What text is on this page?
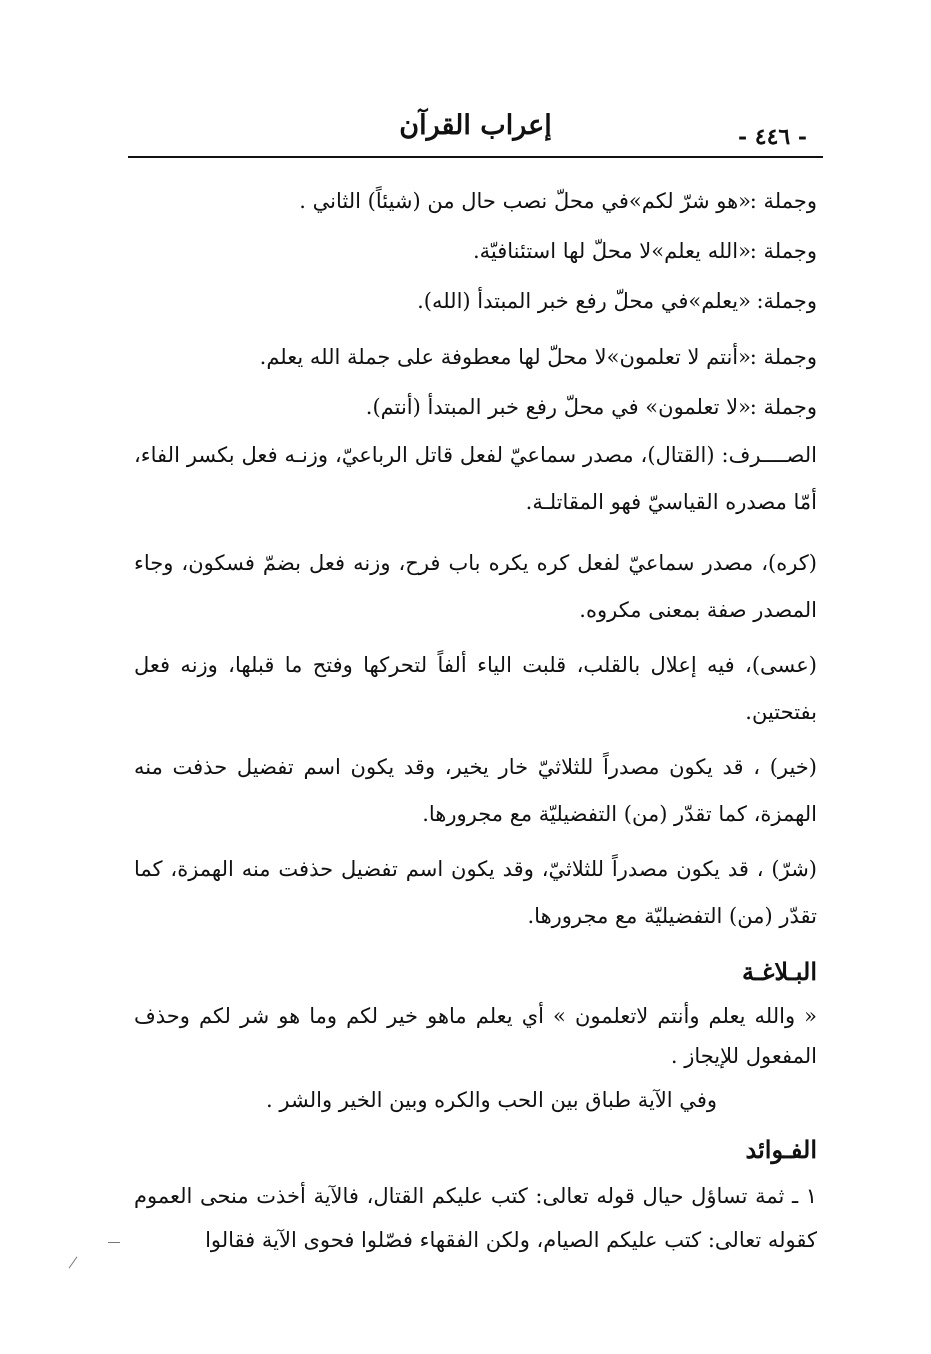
إعراب القرآن	- ٤٤٦ -
وجملة :«هو شرّ لكم»في محلّ نصب حال من (شيئاً) الثاني .
وجملة :«الله يعلم»لا محلّ لها استئنافيّة.
وجملة:«يعلم»في محلّ رفع خبر المبتدأ (الله).
وجملة :«أنتم لا تعلمون»لا محلّ لها معطوفة على جملة الله يعلم.
وجملة :«لا تعلمون» في محلّ رفع خبر المبتدأ (أنتم).
الصــــرف: (القتال)، مصدر سماعيّ لفعل قاتل الرباعيّ، وزنـه فعل بكسر الفاء، أمّا مصدره القياسيّ فهو المقاتلـة.
(كره)، مصدر سماعيّ لفعل كره يكره باب فرح، وزنه فعل بضمّ فسكون، وجاء المصدر صفة بمعنى مكروه.
(عسى)، فيه إعلال بالقلب، قلبت الياء ألفاً لتحركها وفتح ما قبلها، وزنه فعل بفتحتين.
(خير) ، قد يكون مصدراً للثلاثيّ خار يخير، وقد يكون اسم تفضيل حذفت منه الهمزة، كما تقدّر (من) التفضيليّة مع مجرورها.
(شرّ) ، قد يكون مصدراً للثلاثيّ، وقد يكون اسم تفضيل حذفت منه الهمزة، كما تقدّر (من) التفضيليّة مع مجرورها.
البـلاغـة
« والله يعلم وأنتم لاتعلمون » أي يعلم ماهو خير لكم وما هو شر لكم وحذف المفعول للإيجاز .
وفي الآية طباق بين الحب والكره وبين الخير والشر .
الفـوائد
١ ـ ثمة تساؤل حيال قوله تعالى: كتب عليكم القتال، فالآية أخذت منحى العموم كقوله تعالى: كتب عليكم الصيام، ولكن الفقهاء فصّلوا فحوى الآية فقالوا
